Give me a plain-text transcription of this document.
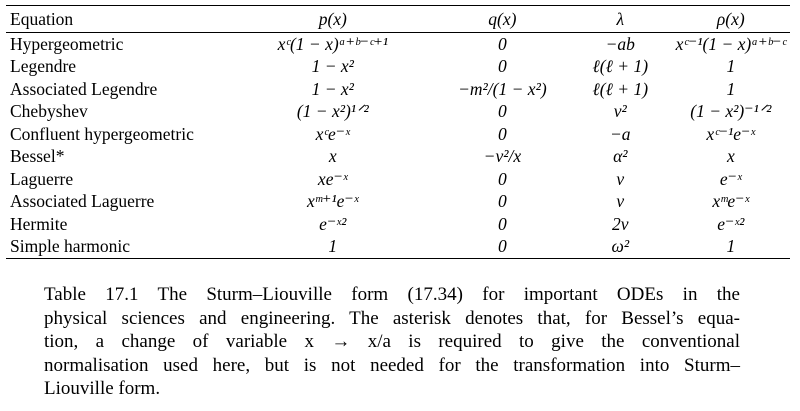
Equation	p(x)	q(x)	λ	ρ(x)
Hypergeometric	xᶜ(1 − x)ᵃ⁺ᵇ⁻ᶜ⁺¹	0	−ab	xᶜ⁻¹(1 − x)ᵃ⁺ᵇ⁻ᶜ
Legendre	1 − x²	0	ℓ(ℓ + 1)	1
Associated Legendre	1 − x²	−m²/(1 − x²)	ℓ(ℓ + 1)	1
Chebyshev	(1 − x²)¹ᐟ²	0	ν²	(1 − x²)⁻¹ᐟ²
Confluent hypergeometric	xᶜe⁻ˣ	0	−a	xᶜ⁻¹e⁻ˣ
Bessel*	x	−ν²/x	α²	x
Laguerre	xe⁻ˣ	0	ν	e⁻ˣ
Associated Laguerre	xᵐ⁺¹e⁻ˣ	0	ν	xᵐe⁻ˣ
Hermite	e⁻ˣ²	0	2ν	e⁻ˣ²
Simple harmonic	1	0	ω²	1
Table 17.1 The Sturm–Liouville form (17.34) for important ODEs in the
physical sciences and engineering. The asterisk denotes that, for Bessel’s equa-
tion, a change of variable x → x/a is required to give the conventional
normalisation used here, but is not needed for the transformation into Sturm–
Liouville form.
